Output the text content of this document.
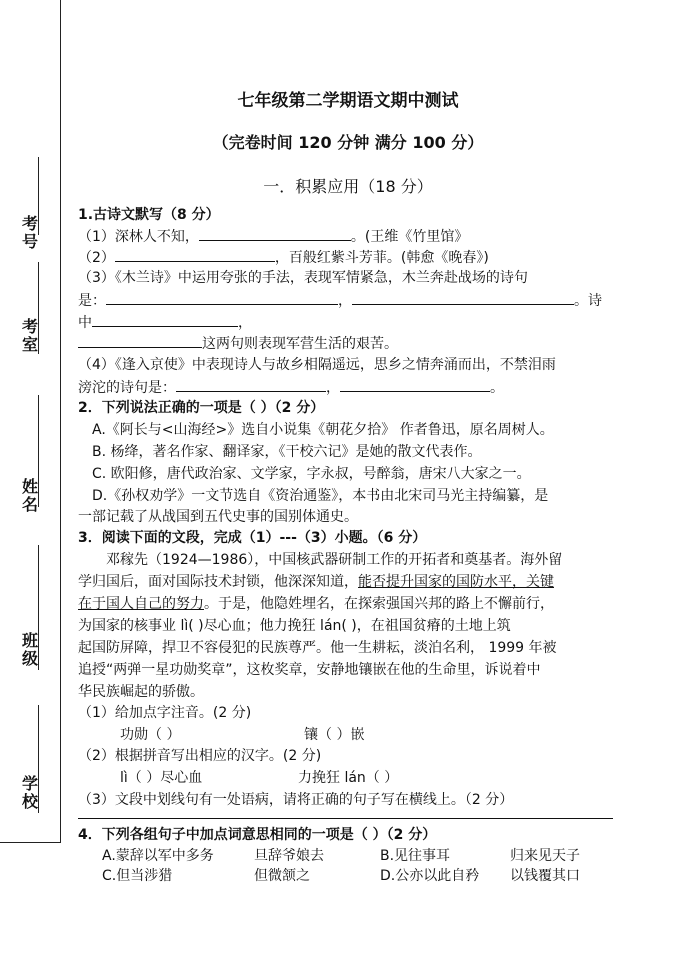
考号
考室
姓名
班级
学校
七年级第二学期语文期中测试
（完卷时间 120 分钟 满分 100 分）
一．积累应用（18 分）
1.古诗文默写（8 分）
（1）深林人不知，	。(王维《竹里馆》
（2）	，百般红紫斗芳菲。(韩愈《晚春》)
（3）《木兰诗》中运用夸张的手法，表现军情紧急，木兰奔赴战场的诗句
是：	，	。诗
中	，
这两句则表现军营生活的艰苦。
（4）《逢入京使》中表现诗人与故乡相隔遥远，思乡之情奔涌而出，不禁泪雨
滂沱的诗句是：	，	。
2．下列说法正确的一项是（ ）（2 分）
A.《阿长与<山海经>》选自小说集《朝花夕拾》 作者鲁迅，原名周树人。
B. 杨绛，著名作家、翻译家，《干校六记》是她的散文代表作。
C. 欧阳修，唐代政治家、文学家，字永叔，号醉翁，唐宋八大家之一。
D.《孙权劝学》一文节选自《资治通鉴》，本书由北宋司马光主持编纂，是
一部记载了从战国到五代史事的国别体通史。
3．阅读下面的文段，完成（1）---（3）小题。（6 分）
邓稼先（1924—1986），中国核武器研制工作的开拓者和奠基者。海外留
学归国后，面对国际技术封锁，他深深知道，能否提升国家的国防水平，关键
在于国人自己的努力。于是，他隐姓埋名，在探索强国兴邦的路上不懈前行，
为国家的核事业 lì( )尽心血；他力挽狂 lán( )，在祖国贫瘠的土地上筑
起国防屏障，捍卫不容侵犯的民族尊严。他一生耕耘，淡泊名利， 1999 年被
追授“两弹一星功勋奖章”，这枚奖章，安静地镶嵌在他的生命里，诉说着中
华民族崛起的骄傲。
（1）给加点字注音。(2 分)
功勋（ ）	镶（ ）嵌
（2）根据拼音写出相应的汉字。(2 分)
lì（ ）尽心血	力挽狂 lán（ ）
（3）文段中划线句有一处语病，请将正确的句子写在横线上。（2 分）
4．下列各组句子中加点词意思相同的一项是（ ）（2 分）
A.蒙辞以军中多务	旦辞爷娘去	B.见往事耳	归来见天子
C.但当涉猎	但微颔之	D.公亦以此自矜 以钱覆其口
